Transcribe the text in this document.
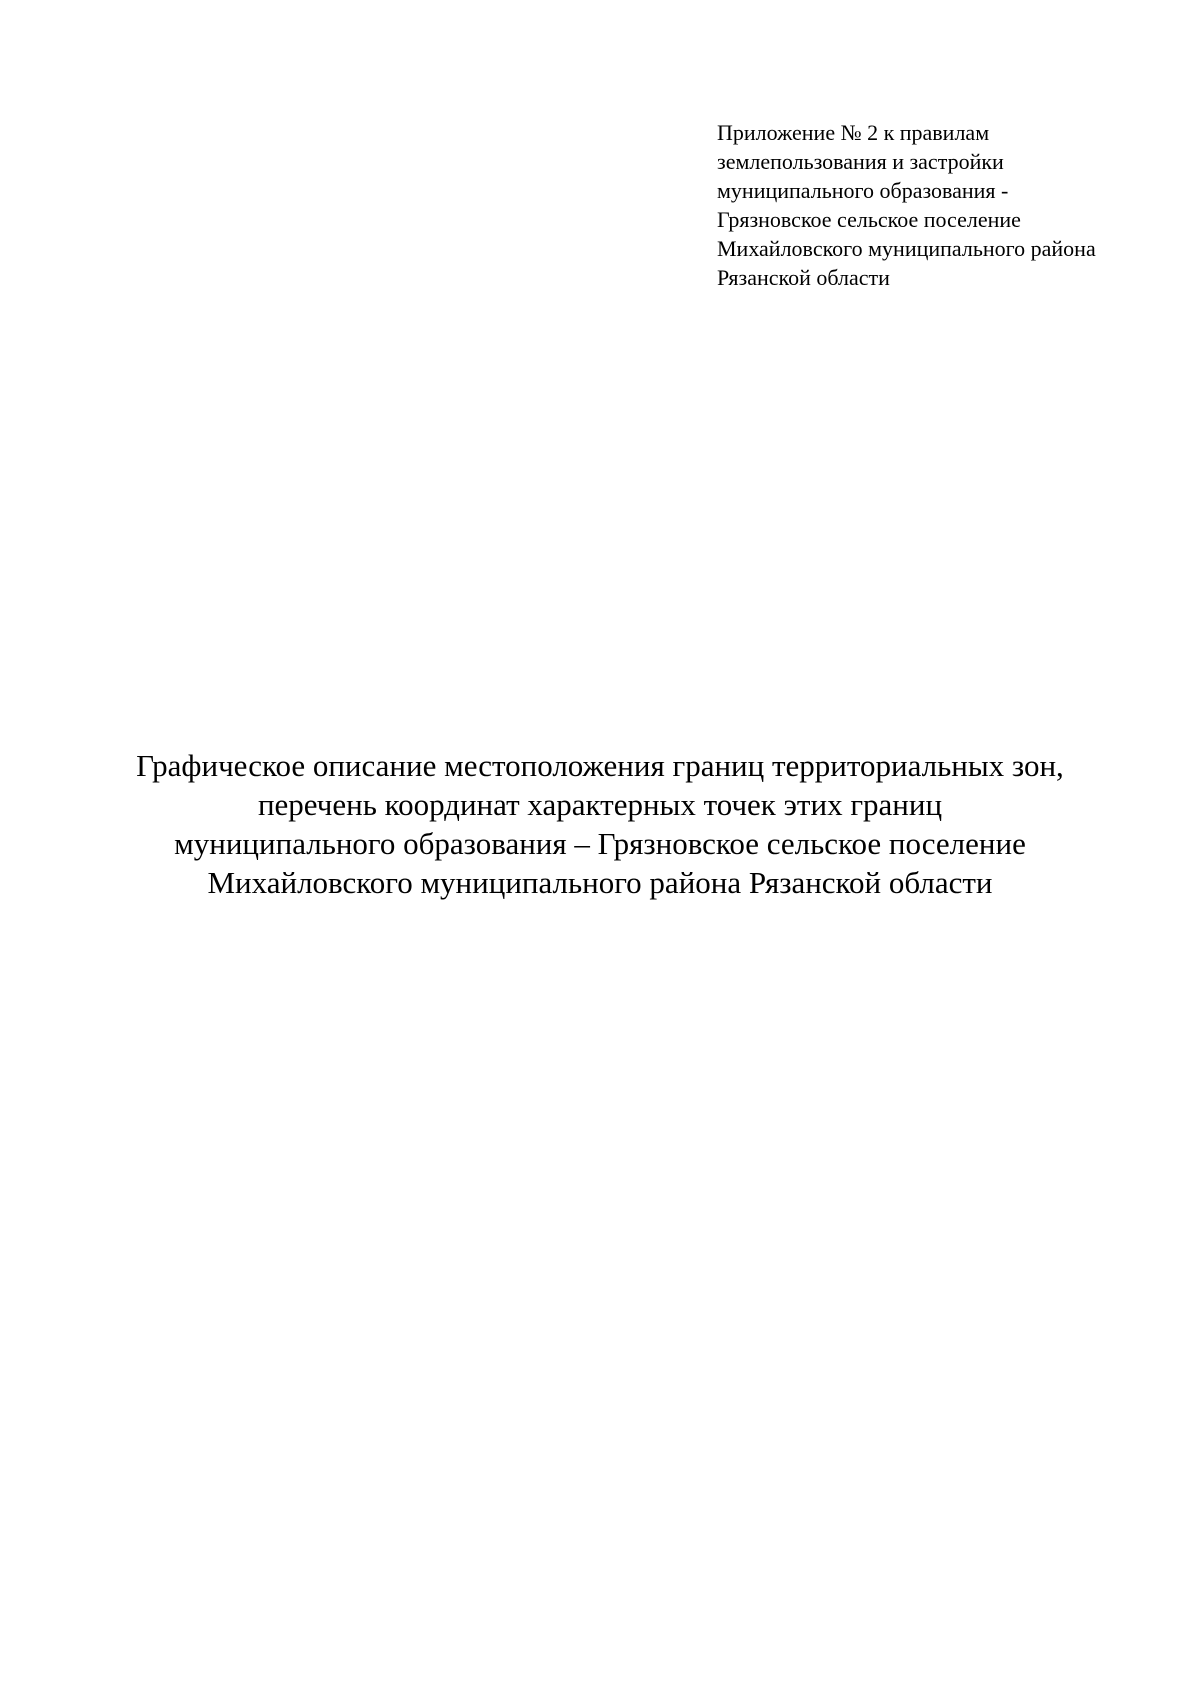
Приложение № 2 к правилам
землепользования и застройки
муниципального образования -
Грязновское сельское поселение
Михайловского муниципального района
Рязанской области
Графическое описание местоположения границ территориальных зон,
перечень координат характерных точек этих границ
муниципального образования – Грязновское сельское поселение
Михайловского муниципального района Рязанской области
